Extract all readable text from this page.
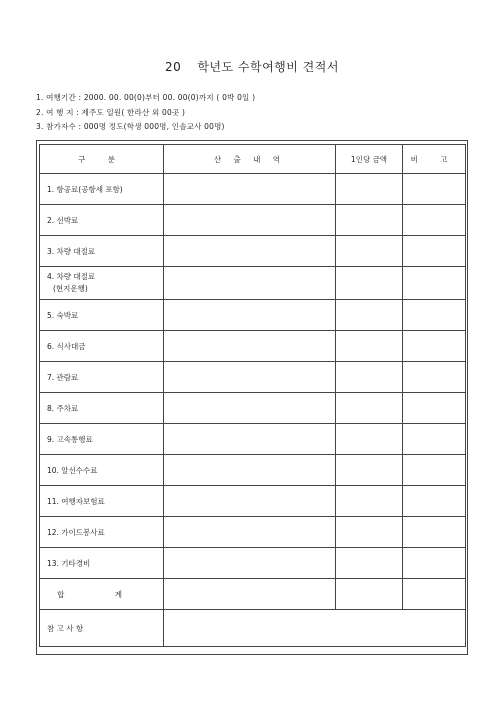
20 학년도 수학여행비 견적서
1. 여행기간 : 2000. 00. 00(0)부터 00. 00(0)까지 ( 0박 0일 )
2. 여 행 지 : 제주도 일원( 한라산 외 00곳 )
3. 참가자수 : 000명 정도(학생 000명, 인솔교사 00명)
구 분	산 출 내 역	1인당 금액	비 고
1. 항공료(공항세 포함)			
2. 선박료			
3. 차량 대절료			

4. 차량 대절료
(현지운행)			

5. 숙박료			
6. 식사대금			
7. 관람료			
8. 주차료			
9. 고속통행료			
10. 알선수수료			
11. 여행자보험료			
12. 가이드봉사료			
13. 기타경비			
합 계			
참 고 사 항			
